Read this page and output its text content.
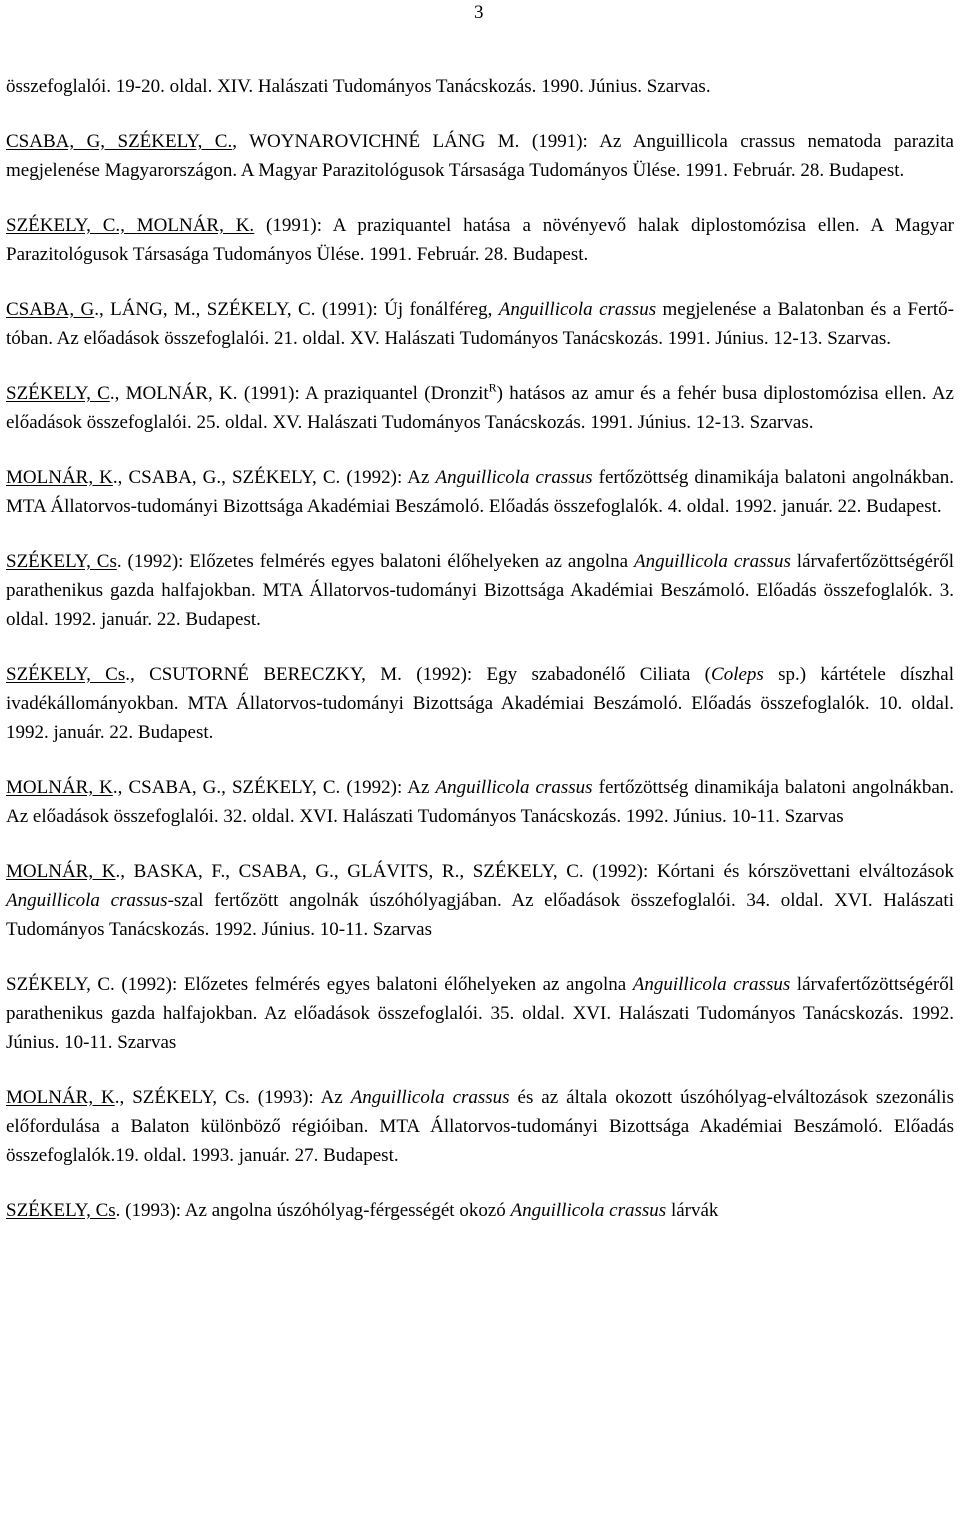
3

összefoglalói. 19-20. oldal. XIV. Halászati Tudományos Tanácskozás. 1990. Június. Szarvas.

CSABA, G, SZÉKELY, C., WOYNAROVICHNÉ LÁNG M. (1991): Az Anguillicola crassus nematoda parazita megjelenése Magyarországon. A Magyar Parazitológusok Társasága Tudományos Ülése. 1991. Február. 28. Budapest.

SZÉKELY, C., MOLNÁR, K. (1991): A praziquantel hatása a növényevő halak diplostomózisa ellen. A Magyar Parazitológusok Társasága Tudományos Ülése. 1991. Február. 28. Budapest.

CSABA, G., LÁNG, M., SZÉKELY, C. (1991): Új fonálféreg, Anguillicola crassus megjelenése a Balatonban és a Fertő-tóban. Az előadások összefoglalói. 21. oldal. XV. Halászati Tudományos Tanácskozás. 1991. Június. 12-13. Szarvas.

SZÉKELY, C., MOLNÁR, K. (1991): A praziquantel (Dronzit$^R$) hatásos az amur és a fehér busa diplostomózisa ellen. Az előadások összefoglalói. 25. oldal. XV. Halászati Tudományos Tanácskozás. 1991. Június. 12-13. Szarvas.

MOLNÁR, K., CSABA, G., SZÉKELY, C. (1992): Az Anguillicola crassus fertőzöttség dinamikája balatoni angolnákban. MTA Állatorvos-tudományi Bizottsága Akadémiai Beszámoló. Előadás összefoglalók. 4. oldal. 1992. január. 22. Budapest.

SZÉKELY, Cs. (1992): Előzetes felmérés egyes balatoni élőhelyeken az angolna Anguillicola crassus lárvafertőzöttségéről parathenikus gazda halfajokban. MTA Állatorvos-tudományi Bizottsága Akadémiai Beszámoló. Előadás összefoglalók. 3. oldal. 1992. január. 22. Budapest.

SZÉKELY, Cs., CSUTORNÉ BERECZKY, M. (1992): Egy szabadonélő Ciliata (Coleps sp.) kártétele díszhal ivadékállományokban. MTA Állatorvos-tudományi Bizottsága Akadémiai Beszámoló. Előadás összefoglalók. 10. oldal. 1992. január. 22. Budapest.

MOLNÁR, K., CSABA, G., SZÉKELY, C. (1992): Az Anguillicola crassus fertőzöttség dinamikája balatoni angolnákban. Az előadások összefoglalói. 32. oldal. XVI. Halászati Tudományos Tanácskozás. 1992. Június. 10-11. Szarvas

MOLNÁR, K., BASKA, F., CSABA, G., GLÁVITS, R., SZÉKELY, C. (1992): Kórtani és kórszövettani elváltozások Anguillicola crassus-szal fertőzött angolnák úszóhólyagjában. Az előadások összefoglalói. 34. oldal. XVI. Halászati Tudományos Tanácskozás. 1992. Június. 10-11. Szarvas

SZÉKELY, C. (1992): Előzetes felmérés egyes balatoni élőhelyeken az angolna Anguillicola crassus lárvafertőzöttségéről parathenikus gazda halfajokban. Az előadások összefoglalói. 35. oldal. XVI. Halászati Tudományos Tanácskozás. 1992. Június. 10-11. Szarvas

MOLNÁR, K., SZÉKELY, Cs. (1993): Az Anguillicola crassus és az általa okozott úszóhólyag-elváltozások szezonális előfordulása a Balaton különböző régióiban. MTA Állatorvos-tudományi Bizottsága Akadémiai Beszámoló. Előadás összefoglalók.19. oldal. 1993. január. 27. Budapest.

SZÉKELY, Cs. (1993): Az angolna úszóhólyag-férgességét okozó Anguillicola crassus lárvák
